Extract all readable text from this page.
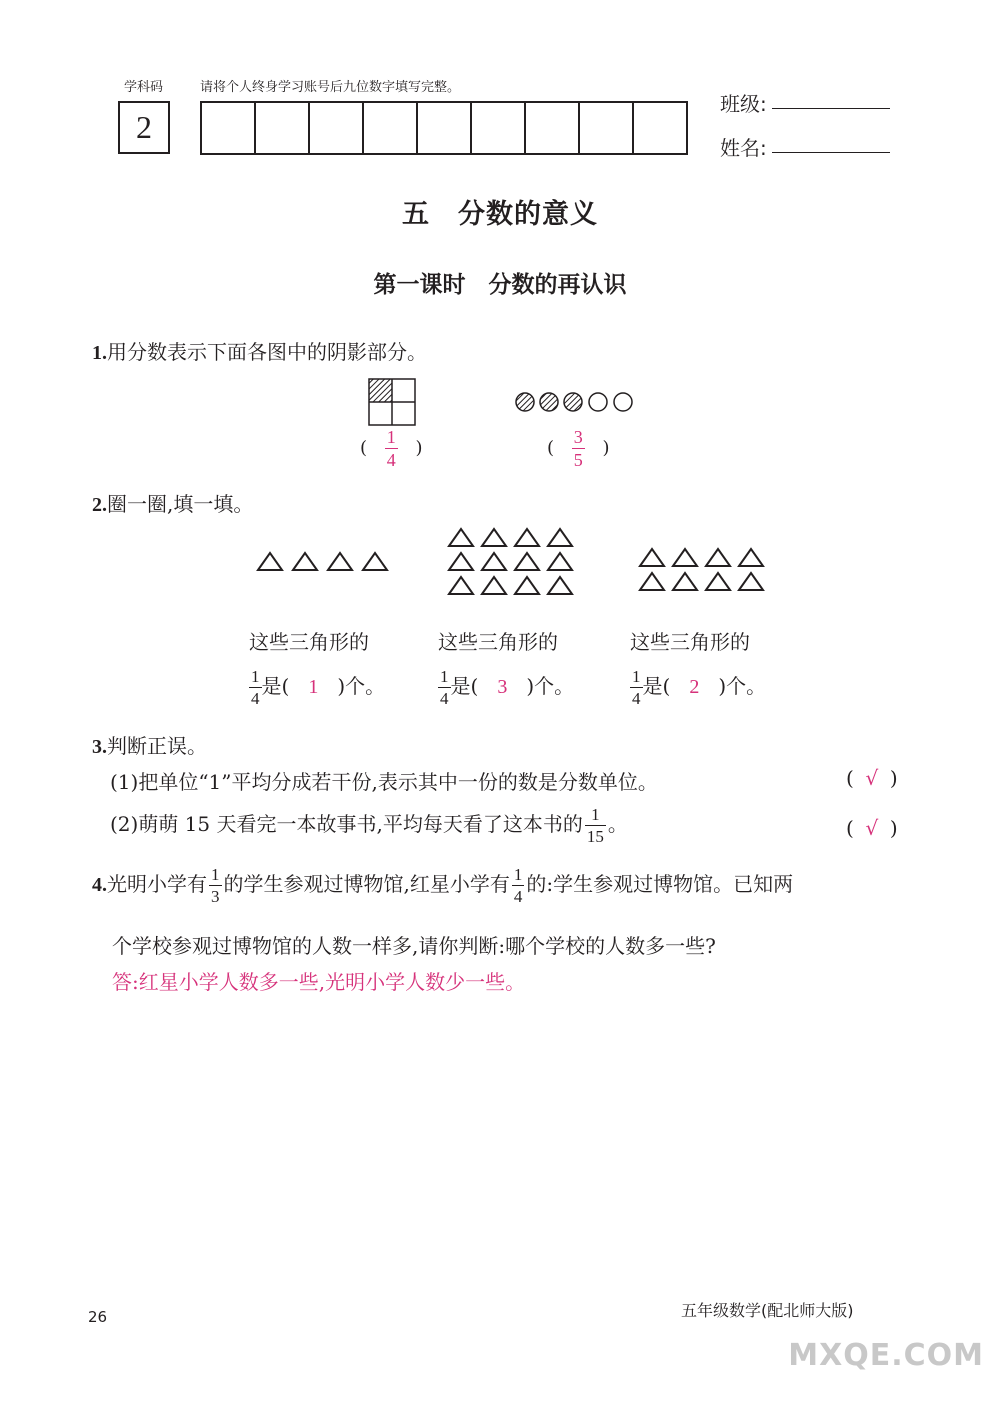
学科码
2
请将个人终身学习账号后九位数字填写完整。
班级:
姓名:
五　分数的意义
第一课时　分数的再认识
1.用分数表示下面各图中的阴影部分。
( $\frac{1}{4}$ )	( $\frac{3}{5}$ )
2.圈一圈,填一填。
这些三角形的	这些三角形的	这些三角形的
$\frac{1}{4}$ 是( 1 )个。	$\frac{1}{4}$ 是( 3 )个。	$\frac{1}{4}$ 是( 2 )个。
3.判断正误。
(1)把单位“1”平均分成若干份,表示其中一份的数是分数单位。	( √ )
(2)萌萌 15 天看完一本故事书,平均每天看了这本书的 $\frac{1}{15}$ 。	( √ )
4.光明小学有 $\frac{1}{3}$ 的学生参观过博物馆,红星小学有 $\frac{1}{4}$ 的:学生参观过博物馆。已知两
个学校参观过博物馆的人数一样多,请你判断:哪个学校的人数多一些?
答:红星小学人数多一些,光明小学人数少一些。
26	五年级数学(配北师大版)
MXQE.COM
